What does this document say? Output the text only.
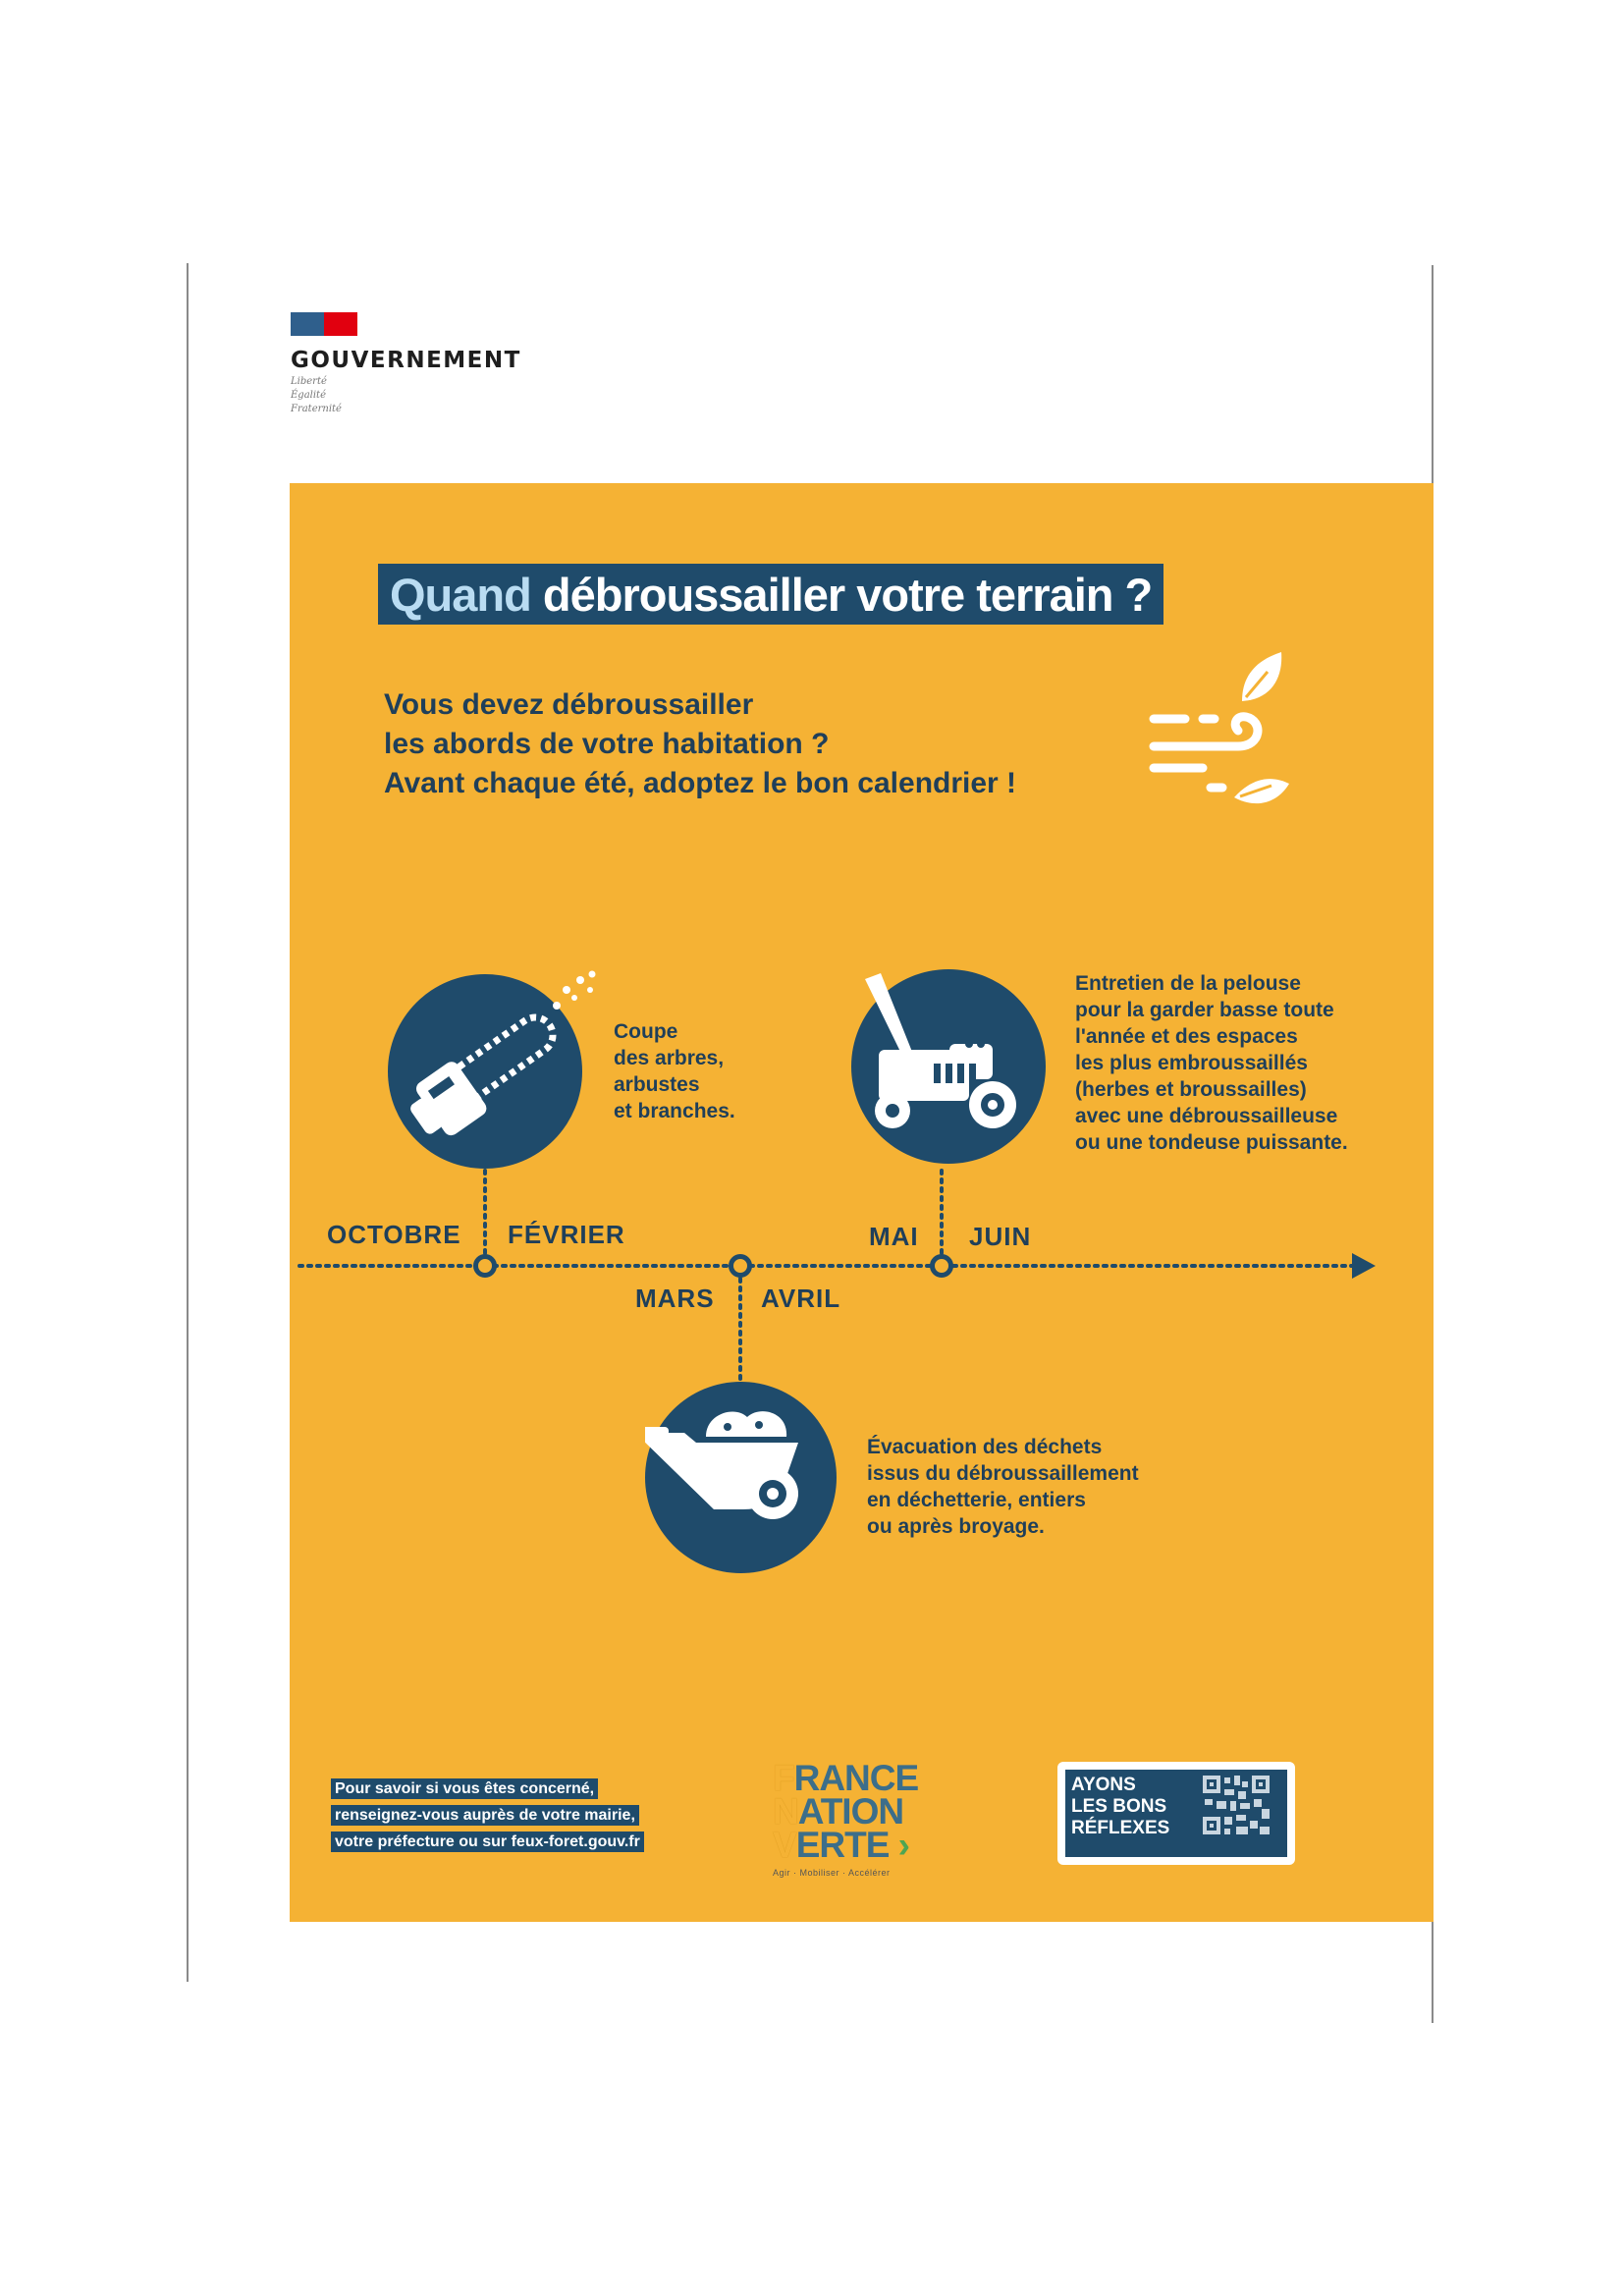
GOUVERNEMENT
Liberté
Égalité
Fraternité
Quand
débroussailler votre terrain ?
Vous devez débroussailler
les abords de votre habitation ?
Avant chaque été, adoptez le bon calendrier !
Coupe
des arbres,
arbustes
et branches.
Entretien de la pelouse
pour la garder basse toute
l'année et des espaces
les plus embroussaillés
(herbes et broussailles)
avec une débroussailleuse
ou une tondeuse puissante.
OCTOBRE FÉVRIER
MARS AVRIL
MAI JUIN
Évacuation des déchets
issus du débroussaillement
en déchetterie, entiers
ou après broyage.
Pour savoir si vous êtes concerné,
renseignez-vous auprès de votre mairie,
votre préfecture ou sur feux-foret.gouv.fr
FRANCE
NATION
VERTE ›
Agir · Mobiliser · Accélérer
AYONS
LES BONS
RÉFLEXES
